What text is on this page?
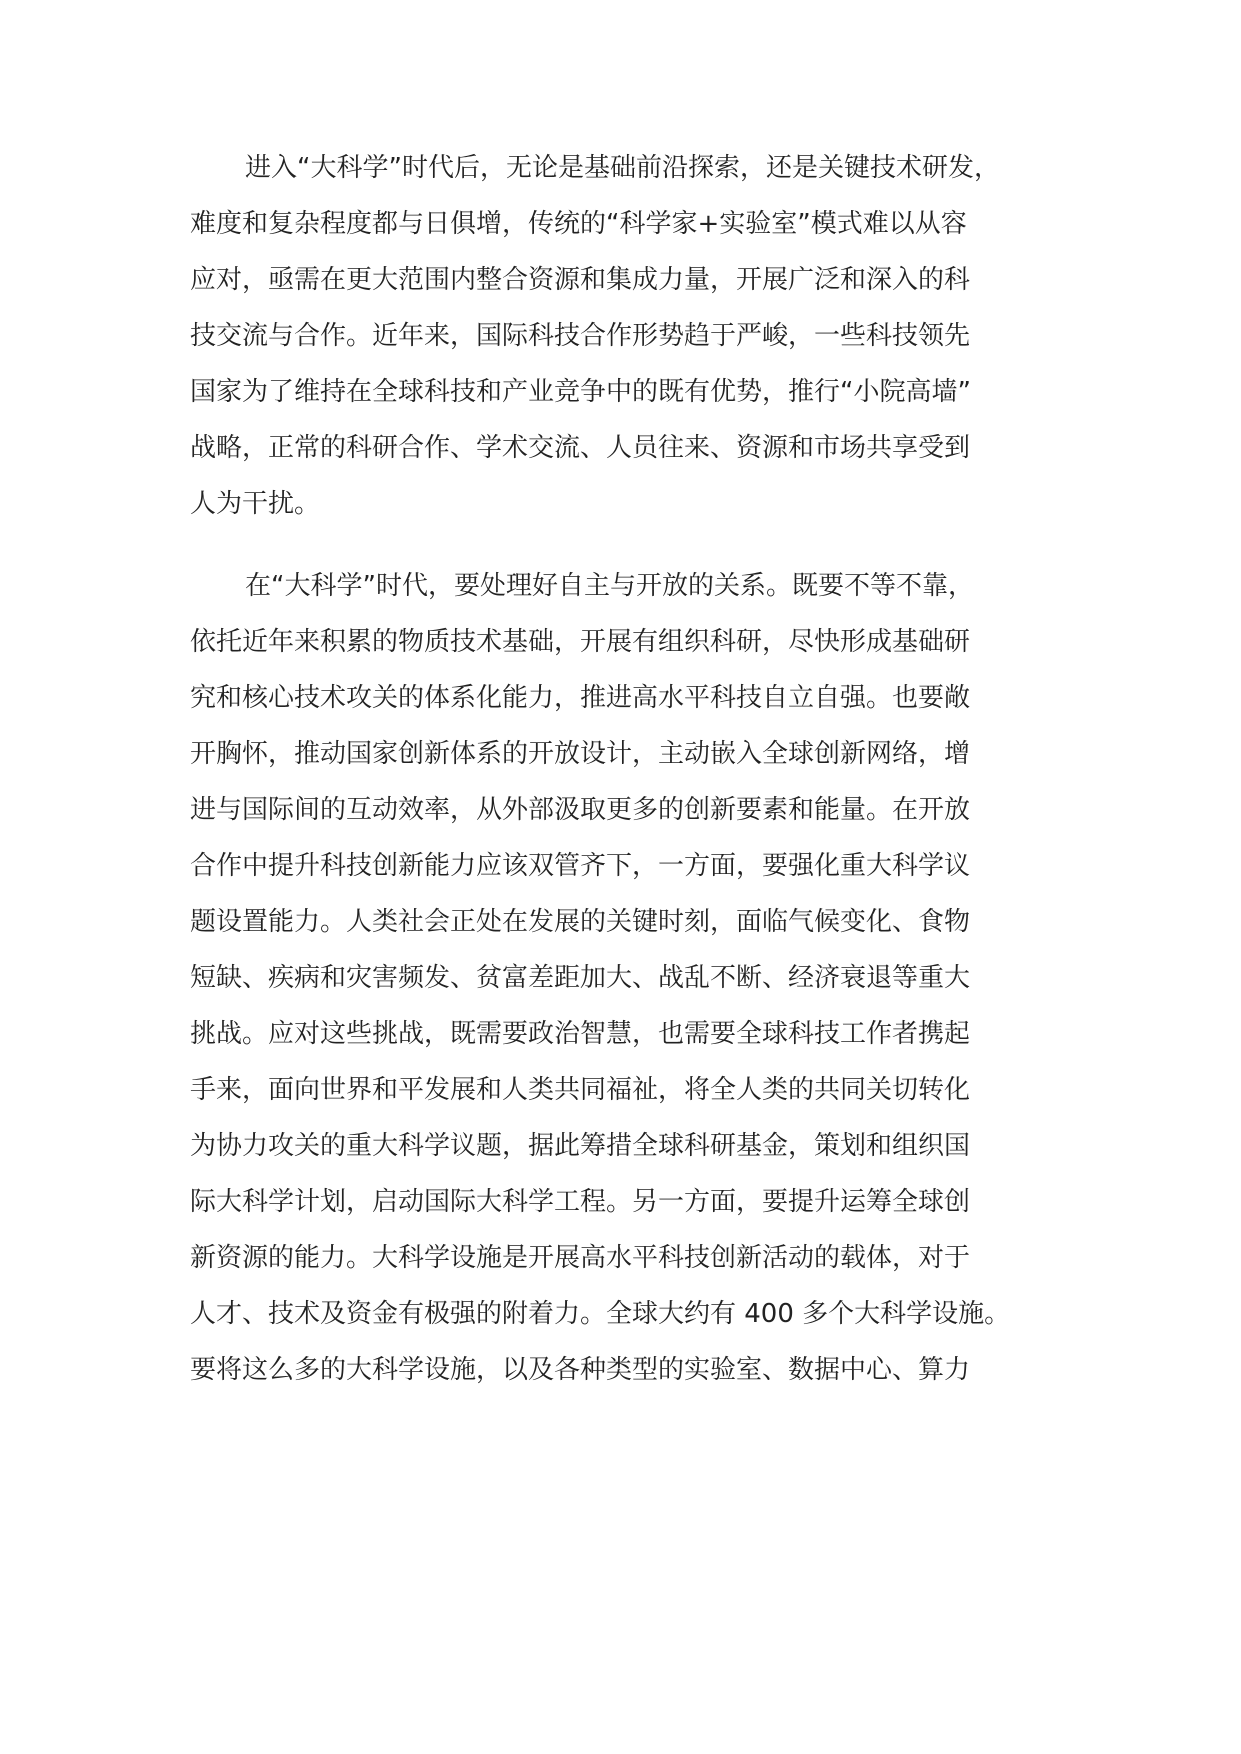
进入“大科学”时代后，无论是基础前沿探索，还是关键技术研发，

难度和复杂程度都与日俱增，传统的“科学家+实验室”模式难以从容

应对，亟需在更大范围内整合资源和集成力量，开展广泛和深入的科

技交流与合作。近年来，国际科技合作形势趋于严峻，一些科技领先

国家为了维持在全球科技和产业竞争中的既有优势，推行“小院高墙”

战略，正常的科研合作、学术交流、人员往来、资源和市场共享受到

人为干扰。

在“大科学”时代，要处理好自主与开放的关系。既要不等不靠，

依托近年来积累的物质技术基础，开展有组织科研，尽快形成基础研

究和核心技术攻关的体系化能力，推进高水平科技自立自强。也要敞

开胸怀，推动国家创新体系的开放设计，主动嵌入全球创新网络，增

进与国际间的互动效率，从外部汲取更多的创新要素和能量。在开放

合作中提升科技创新能力应该双管齐下，一方面，要强化重大科学议

题设置能力。人类社会正处在发展的关键时刻，面临气候变化、食物

短缺、疾病和灾害频发、贫富差距加大、战乱不断、经济衰退等重大

挑战。应对这些挑战，既需要政治智慧，也需要全球科技工作者携起

手来，面向世界和平发展和人类共同福祉，将全人类的共同关切转化

为协力攻关的重大科学议题，据此筹措全球科研基金，策划和组织国

际大科学计划，启动国际大科学工程。另一方面，要提升运筹全球创

新资源的能力。大科学设施是开展高水平科技创新活动的载体，对于

人才、技术及资金有极强的附着力。全球大约有 400 多个大科学设施。

要将这么多的大科学设施，以及各种类型的实验室、数据中心、算力
